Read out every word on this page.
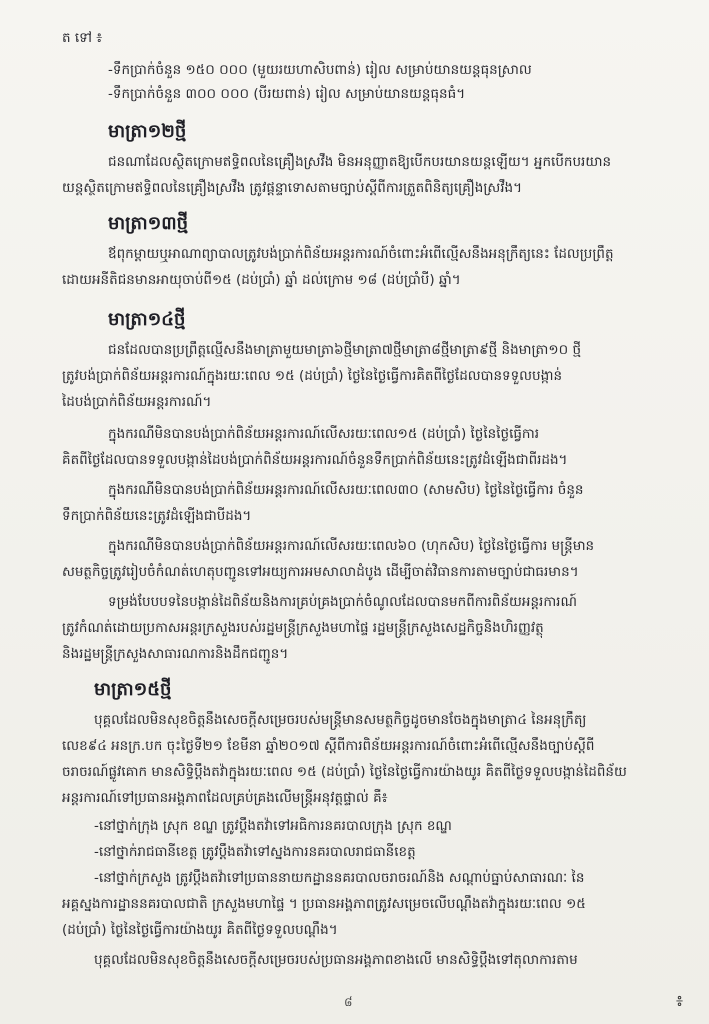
ត ទៅ ៖
-ទឹកប្រាក់ចំនួន ១៥០ ០០០ (មួយរយហាសិបពាន់) រៀល សម្រាប់យានយន្តធុនស្រាល
-ទឹកប្រាក់ចំនួន ៣០០ ០០០ (បីរយពាន់) រៀល សម្រាប់យានយន្តធុនធំ។
មាត្រា១២ថ្មី
ជនណាដែលស្ថិតក្រោមឥទ្ធិពលនៃគ្រឿងស្រវឹង មិនអនុញ្ញាតឱ្យបើកបរយានយន្តឡើយ។ អ្នកបើកបរយាន
យន្តស្ថិតក្រោមឥទ្ធិពលនៃគ្រឿងស្រវឹង ត្រូវផ្ដន្ទាទោសតាមច្បាប់ស្ដីពីការត្រួតពិនិត្យគ្រឿងស្រវឹង។
មាត្រា១៣ថ្មី
ឪពុកម្ដាយឬអាណាព្យាបាលត្រូវបង់ប្រាក់ពិន័យអន្តរការណ៍ចំពោះអំពើល្មើសនឹងអនុក្រឹត្យនេះ ដែលប្រព្រឹត្ត
ដោយអនីតិជនមានអាយុចាប់ពី១៥ (ដប់ប្រាំ) ឆ្នាំ ដល់ក្រោម ១៨ (ដប់ប្រាំបី) ឆ្នាំ។
មាត្រា១៤ថ្មី
ជនដែលបានប្រព្រឹត្តល្មើសនឹងមាត្រាមួយមាត្រា៦ថ្មីមាត្រា៧ថ្មីមាត្រា៨ថ្មីមាត្រា៩ថ្មី និងមាត្រា១០ ថ្មី
ត្រូវបង់ប្រាក់ពិន័យអន្តរការណ៍ក្នុងរយៈពេល ១៥ (ដប់ប្រាំ) ថ្ងៃនៃថ្ងៃធ្វើការគិតពីថ្ងៃដែលបានទទួលបង្កាន់
ដៃបង់ប្រាក់ពិន័យអន្តរការណ៍។
ក្នុងករណីមិនបានបង់ប្រាក់ពិន័យអន្តរការណ៍លើសរយៈពេល១៥ (ដប់ប្រាំ) ថ្ងៃនៃថ្ងៃធ្វើការ
គិតពីថ្ងៃដែលបានទទួលបង្កាន់ដៃបង់ប្រាក់ពិន័យអន្តរការណ៍ចំនួនទឹកប្រាក់ពិន័យនេះត្រូវដំឡើងជាពីរដង។
ក្នុងករណីមិនបានបង់ប្រាក់ពិន័យអន្តរការណ៍លើសរយៈពេល៣០ (សាមសិប) ថ្ងៃនៃថ្ងៃធ្វើការ ចំនួន
ទឹកប្រាក់ពិន័យនេះត្រូវដំឡើងជាបីដង។
ក្នុងករណីមិនបានបង់ប្រាក់ពិន័យអន្តរការណ៍លើសរយៈពេល៦០ (ហុកសិប) ថ្ងៃនៃថ្ងៃធ្វើការ មន្ត្រីមាន
សមត្ថកិច្ចត្រូវរៀបចំកំណត់ហេតុបញ្ជូនទៅអយ្យការអមសាលាដំបូង ដើម្បីចាត់វិធានការតាមច្បាប់ជាធរមាន។
ទម្រង់បែបបទនៃបង្កាន់ដៃពិន័យនិងការគ្រប់គ្រងប្រាក់ចំណូលដែលបានមកពីការពិន័យអន្តរការណ៍
ត្រូវកំណត់ដោយប្រកាសអន្តរក្រសួងរបស់រដ្ឋមន្ត្រីក្រសួងមហាផ្ទៃ រដ្ឋមន្ត្រីក្រសួងសេដ្ឋកិច្ចនិងហិរញ្ញវត្ថុ
និងរដ្ឋមន្ត្រីក្រសួងសាធារណការនិងដឹកជញ្ជូន។
មាត្រា១៥ថ្មី
បុគ្គលដែលមិនសុខចិត្តនឹងសេចក្ដីសម្រេចរបស់មន្ត្រីមានសមត្ថកិច្ចដូចមានចែងក្នុងមាត្រា៤ នៃអនុក្រឹត្យ
លេខ៩៤ អនក្រ.បក ចុះថ្ងៃទី២១ ខែមីនា ឆ្នាំ២០១៧ ស្ដីពីការពិន័យអន្តរការណ៍ចំពោះអំពើល្មើសនឹងច្បាប់ស្ដីពី
ចរាចរណ៍ផ្លូវគោក មានសិទ្ធិប្ដឹងតវ៉ាក្នុងរយៈពេល ១៥ (ដប់ប្រាំ) ថ្ងៃនៃថ្ងៃធ្វើការយ៉ាងយូរ គិតពីថ្ងៃទទួលបង្កាន់ដៃពិន័យ
អន្តរការណ៍ទៅប្រធានអង្គភាពដែលគ្រប់គ្រងលើមន្ត្រីអនុវត្តផ្ទាល់ គឺ៖
-នៅថ្នាក់ក្រុង ស្រុក ខណ្ឌ ត្រូវប្ដឹងតវ៉ាទៅអធិការនគរបាលក្រុង ស្រុក ខណ្ឌ
-នៅថ្នាក់រាជធានីខេត្ត ត្រូវប្ដឹងតវ៉ាទៅស្នងការនគរបាលរាជធានីខេត្ត
-នៅថ្នាក់ក្រសួង ត្រូវប្ដឹងតវ៉ាទៅប្រធាននាយកដ្ឋាននគរបាលចរាចរណ៍និង សណ្ដាប់ធ្នាប់សាធារណៈ នៃ
អគ្គស្នងការដ្ឋាននគរបាលជាតិ ក្រសួងមហាផ្ទៃ ។ ប្រធានអង្គភាពត្រូវសម្រេចលើបណ្ដឹងតវ៉ាក្នុងរយៈពេល ១៥
(ដប់ប្រាំ) ថ្ងៃនៃថ្ងៃធ្វើការយ៉ាងយូរ គិតពីថ្ងៃទទួលបណ្ដឹង។
បុគ្គលដែលមិនសុខចិត្តនឹងសេចក្ដីសម្រេចរបស់ប្រធានអង្គភាពខាងលើ មានសិទ្ធិប្ដឹងទៅតុលាការតាម
៨	៖
